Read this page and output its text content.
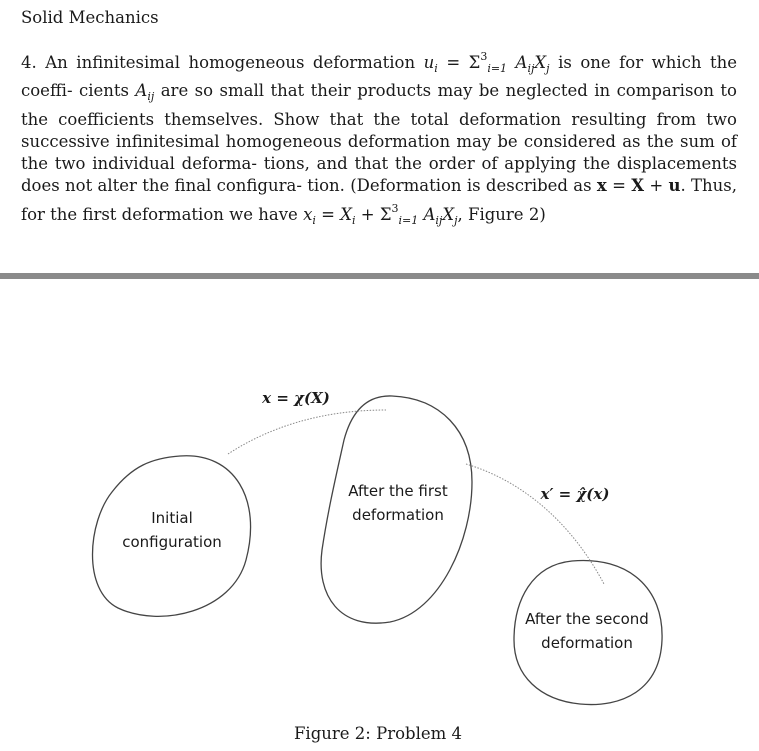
Solid Mechanics
4. An infinitesimal homogeneous deformation $u_i = \Sigma^3_{i=1}$ $A_{ij}X_j$ is one for which the coeffi- cients $A_{ij}$ are so small that their products may be neglected in comparison to the coefficients themselves. Show that the total deformation resulting from two successive infinitesimal homogeneous deformation may be considered as the sum of the two individual deforma- tions, and that the order of applying the displacements does not alter the final configura- tion. (Deformation is described as x = X + u. Thus, for the first deformation we have $x_i = X_i + \Sigma^3_{i=1}$ $A_{ij}X_j$, Figure 2)
Initial
configuration
After the first
deformation
After the second
deformation
x = χ(X)
x′ = χ̂(x)
Figure 2: Problem 4
